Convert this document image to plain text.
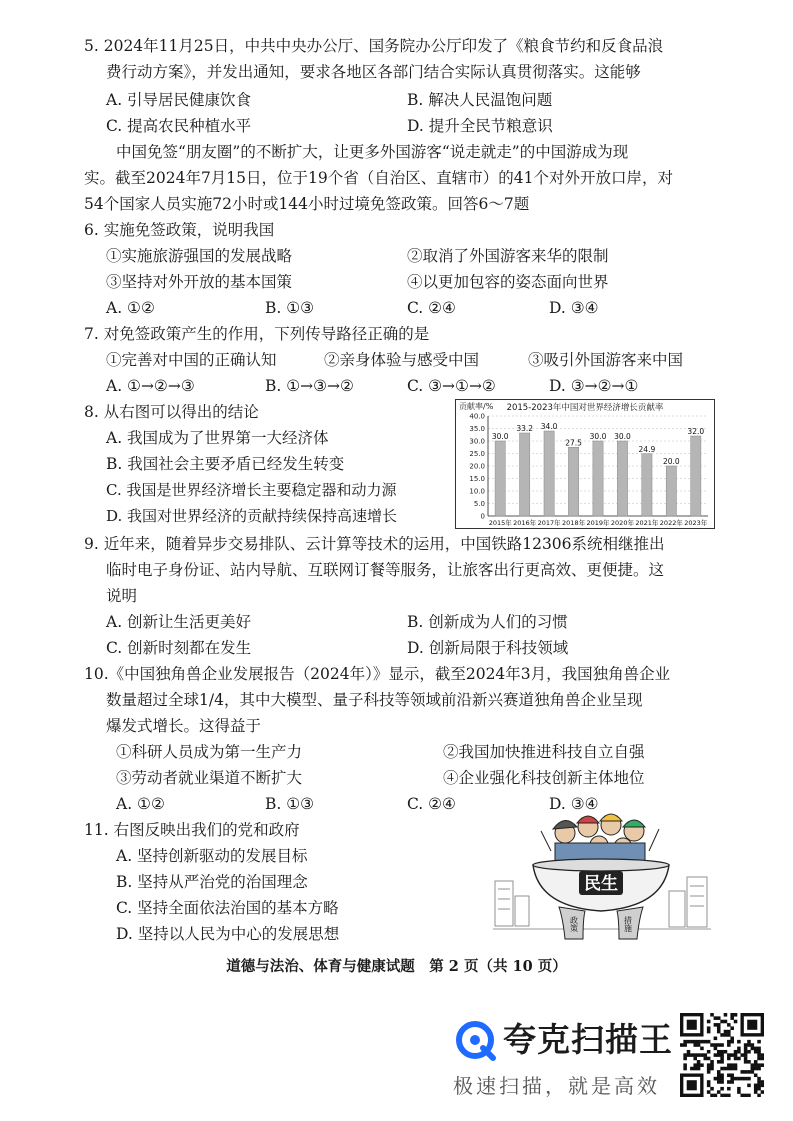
5. 2024年11月25日，中共中央办公厅、国务院办公厅印发了《粮食节约和反食品浪
费行动方案》，并发出通知，要求各地区各部门结合实际认真贯彻落实。这能够
A. 引导居民健康饮食	B. 解决人民温饱问题
C. 提高农民种植水平	D. 提升全民节粮意识
中国免签“朋友圈”的不断扩大，让更多外国游客“说走就走”的中国游成为现
实。截至2024年7月15日，位于19个省（自治区、直辖市）的41个对外开放口岸，对
54个国家人员实施72小时或144小时过境免签政策。回答6～7题
6. 实施免签政策，说明我国
①实施旅游强国的发展战略	②取消了外国游客来华的限制
③坚持对外开放的基本国策	④以更加包容的姿态面向世界
A. ①②	B. ①③	C. ②④	D. ③④
7. 对免签政策产生的作用，下列传导路径正确的是
①完善对中国的正确认知	②亲身体验与感受中国	③吸引外国游客来中国
A. ①→②→③	B. ①→③→②	C. ③→①→②	D. ③→②→①
8. 从右图可以得出的结论
A. 我国成为了世界第一大经济体
B. 我国社会主要矛盾已经发生转变
C. 我国是世界经济增长主要稳定器和动力源
D. 我国对世界经济的贡献持续保持高速增长
贡献率/%	2015-2023年中国对世界经济增长贡献率
0
5.0
10.0
15.0
20.0
25.0
30.0
35.0
40.0
30.0
2015年
33.2
2016年
34.0
2017年
27.5
2018年
30.0
2019年
30.0
2020年
24.9
2021年
20.0
2022年
32.0
2023年
9. 近年来，随着异步交易排队、云计算等技术的运用，中国铁路12306系统相继推出
临时电子身份证、站内导航、互联网订餐等服务，让旅客出行更高效、更便捷。这
说明
A. 创新让生活更美好	B. 创新成为人们的习惯
C. 创新时刻都在发生	D. 创新局限于科技领域
10.《中国独角兽企业发展报告（2024年）》显示，截至2024年3月，我国独角兽企业
数量超过全球1/4，其中大模型、量子科技等领域前沿新兴赛道独角兽企业呈现
爆发式增长。这得益于
①科研人员成为第一生产力	②我国加快推进科技自立自强
③劳动者就业渠道不断扩大	④企业强化科技创新主体地位
A. ①②	B. ①③	C. ②④	D. ③④
11. 右图反映出我们的党和政府
A. 坚持创新驱动的发展目标
B. 坚持从严治党的治国理念
C. 坚持全面依法治国的基本方略
D. 坚持以人民为中心的发展思想
民生
政策	措施
道德与法治、体育与健康试题　第 2 页（共 10 页）
夸克扫描王
极速扫描，就是高效
